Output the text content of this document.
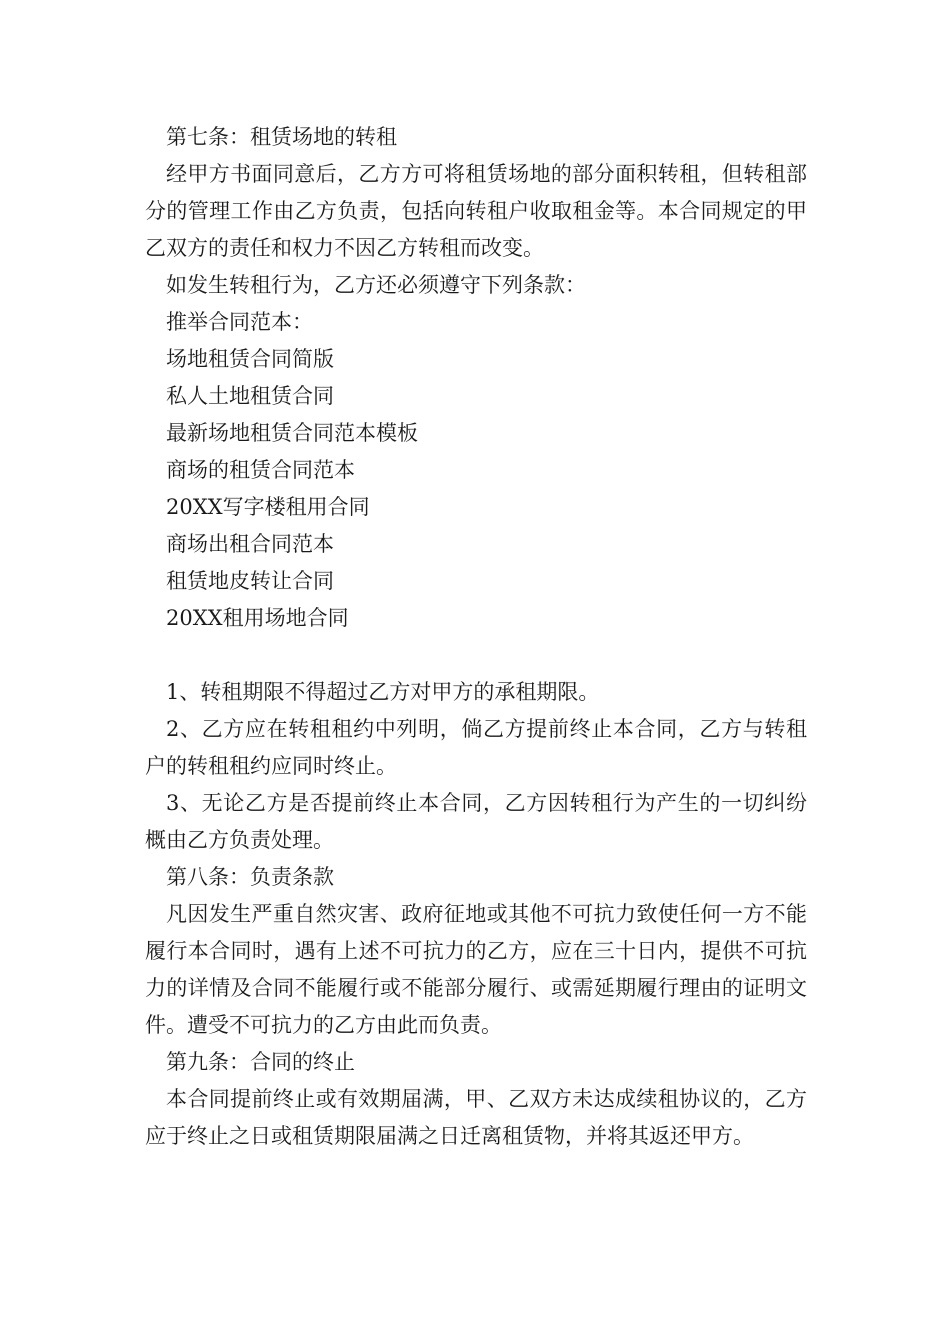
第七条：租赁场地的转租

经甲方书面同意后，乙方方可将租赁场地的部分面积转租，但转租部分的管理工作由乙方负责，包括向转租户收取租金等。本合同规定的甲乙双方的责任和权力不因乙方转租而改变。

如发生转租行为，乙方还必须遵守下列条款：

推举合同范本：

场地租赁合同简版

私人土地租赁合同

最新场地租赁合同范本模板

商场的租赁合同范本

20XX写字楼租用合同

商场出租合同范本

租赁地皮转让合同

20XX租用场地合同

1、转租期限不得超过乙方对甲方的承租期限。

2、乙方应在转租租约中列明，倘乙方提前终止本合同，乙方与转租户的转租租约应同时终止。

3、无论乙方是否提前终止本合同，乙方因转租行为产生的一切纠纷概由乙方负责处理。

第八条：负责条款

凡因发生严重自然灾害、政府征地或其他不可抗力致使任何一方不能履行本合同时，遇有上述不可抗力的乙方，应在三十日内，提供不可抗力的详情及合同不能履行或不能部分履行、或需延期履行理由的证明文件。遭受不可抗力的乙方由此而负责。

第九条：合同的终止

本合同提前终止或有效期届满，甲、乙双方未达成续租协议的，乙方应于终止之日或租赁期限届满之日迁离租赁物，并将其返还甲方。
